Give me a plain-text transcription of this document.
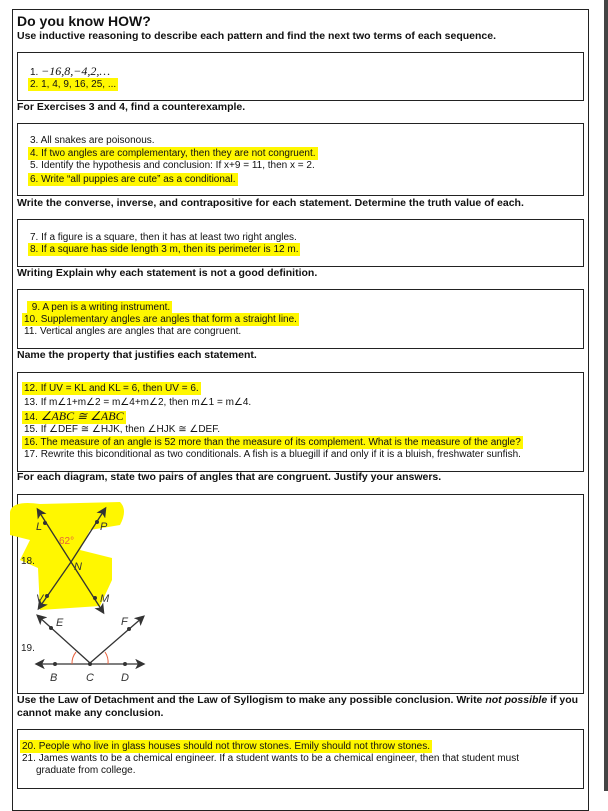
Do you know HOW?
Use inductive reasoning to describe each pattern and find the next two terms of each sequence.
1. −16,8,−4,2,…
2. 1, 4, 9, 16, 25, ...
For Exercises 3 and 4, find a counterexample.
3. All snakes are poisonous.
4. If two angles are complementary, then they are not congruent.
5. Identify the hypothesis and conclusion: If x+9 = 11, then x = 2.
6. Write “all puppies are cute” as a conditional.
Write the converse, inverse, and contrapositive for each statement. Determine the truth value of each.
7. If a figure is a square, then it has at least two right angles.
8. If a square has side length 3 m, then its perimeter is 12 m.
Writing Explain why each statement is not a good definition.
9. A pen is a writing instrument.
10. Supplementary angles are angles that form a straight line.
11. Vertical angles are angles that are congruent.
Name the property that justifies each statement.
12. If UV = KL and KL = 6, then UV = 6.
13. If m∠1+m∠2 = m∠4+m∠2, then m∠1 = m∠4.
14. ∠ABC ≅ ∠ABC
15. If ∠DEF ≅ ∠HJK, then ∠HJK ≅ ∠DEF.
16. The measure of an angle is 52 more than the measure of its complement. What is the measure of the angle?
17. Rewrite this biconditional as two conditionals. A fish is a bluegill if and only if it is a bluish, freshwater sunfish.
For each diagram, state two pairs of angles that are congruent. Justify your answers.
L	P
N
V	M
E	F
B	C D
62°
18.
19.
Use the Law of Detachment and the Law of Syllogism to make any possible conclusion. Write not possible if you cannot make any conclusion.
20. People who live in glass houses should not throw stones. Emily should not throw stones.
21. James wants to be a chemical engineer. If a student wants to be a chemical engineer, then that student must
graduate from college.
